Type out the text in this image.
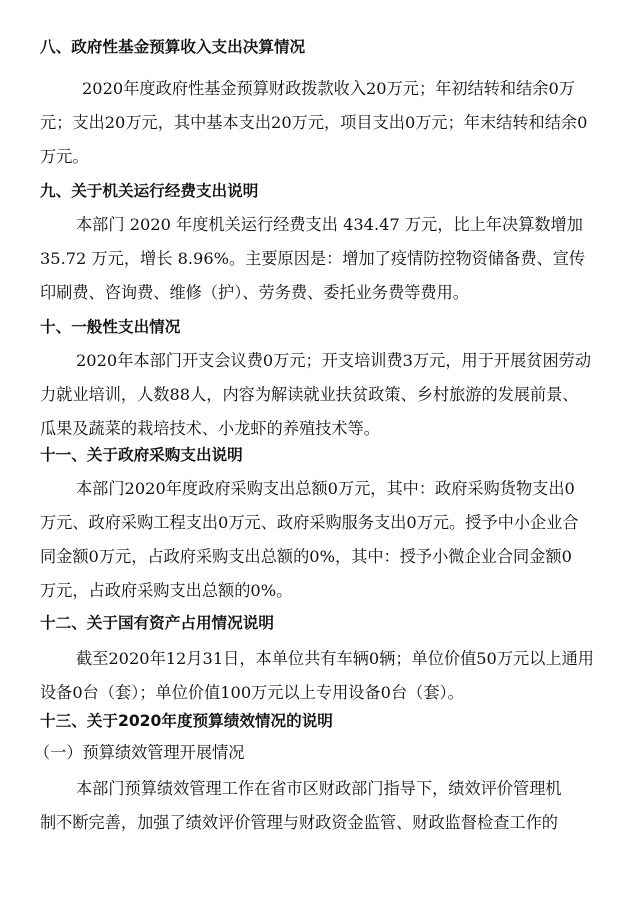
八、政府性基金预算收入支出决算情况
2020年度政府性基金预算财政拨款收入20万元；年初结转和结余0万
元；支出20万元，其中基本支出20万元，项目支出0万元；年末结转和结余0
万元。
九、关于机关运行经费支出说明
本部门 2020 年度机关运行经费支出 434.47 万元，比上年决算数增加
35.72 万元，增长 8.96%。主要原因是：增加了疫情防控物资储备费、宣传
印刷费、咨询费、维修（护）、劳务费、委托业务费等费用。
十、一般性支出情况
2020年本部门开支会议费0万元；开支培训费3万元，用于开展贫困劳动
力就业培训，人数88人，内容为解读就业扶贫政策、乡村旅游的发展前景、
瓜果及蔬菜的栽培技术、小龙虾的养殖技术等。
十一、关于政府采购支出说明
本部门2020年度政府采购支出总额0万元，其中：政府采购货物支出0
万元、政府采购工程支出0万元、政府采购服务支出0万元。授予中小企业合
同金额0万元，占政府采购支出总额的0%，其中：授予小微企业合同金额0
万元，占政府采购支出总额的0%。
十二、关于国有资产占用情况说明
截至2020年12月31日，本单位共有车辆0辆；单位价值50万元以上通用
设备0台（套）；单位价值100万元以上专用设备0台（套）。
十三、关于2020年度预算绩效情况的说明
（一）预算绩效管理开展情况
本部门预算绩效管理工作在省市区财政部门指导下，绩效评价管理机
制不断完善，加强了绩效评价管理与财政资金监管、财政监督检查工作的
